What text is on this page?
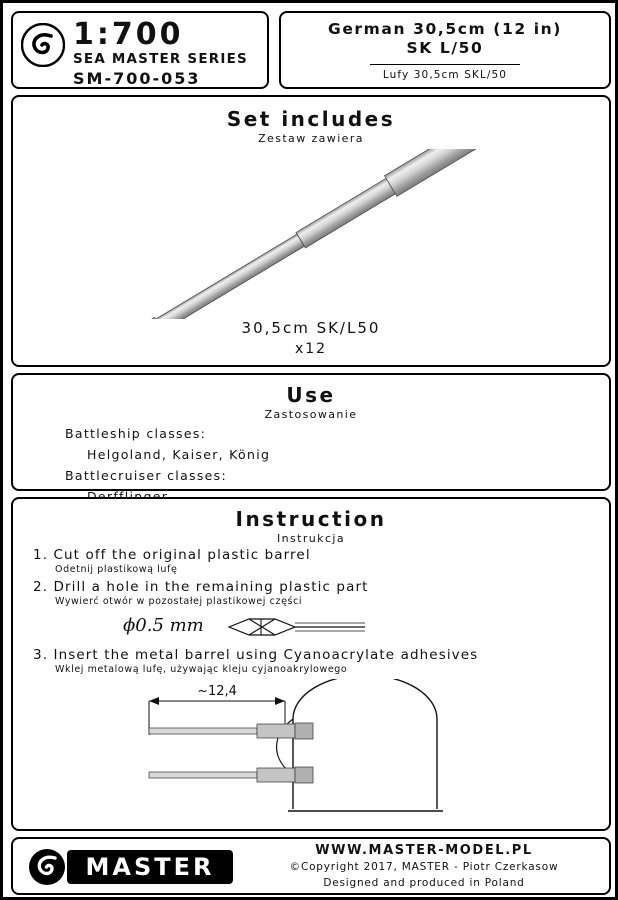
1:700
SEA MASTER SERIES
SM-700-053
German 30,5cm (12 in)
SK L/50
Lufy 30,5cm SKL/50
Set includes
Zestaw zawiera
30,5cm SK/L50
x12
Use
Zastosowanie
Battleship classes:
Helgoland, Kaiser, König
Battlecruiser classes:
Instruction
Instrukcja
1. Cut off the original plastic barrel
Odetnij plastikową lufę
2. Drill a hole in the remaining plastic part
Wywierć otwór w pozostałej plastikowej części
ϕ0.5 mm
3. Insert the metal barrel using Cyanoacrylate adhesives
Wklej metalową lufę, używając kleju cyjanoakrylowego
~12,4
MASTER
WWW.MASTER-MODEL.PL
©Copyright 2017, MASTER - Piotr Czerkasow
Designed and produced in Poland
